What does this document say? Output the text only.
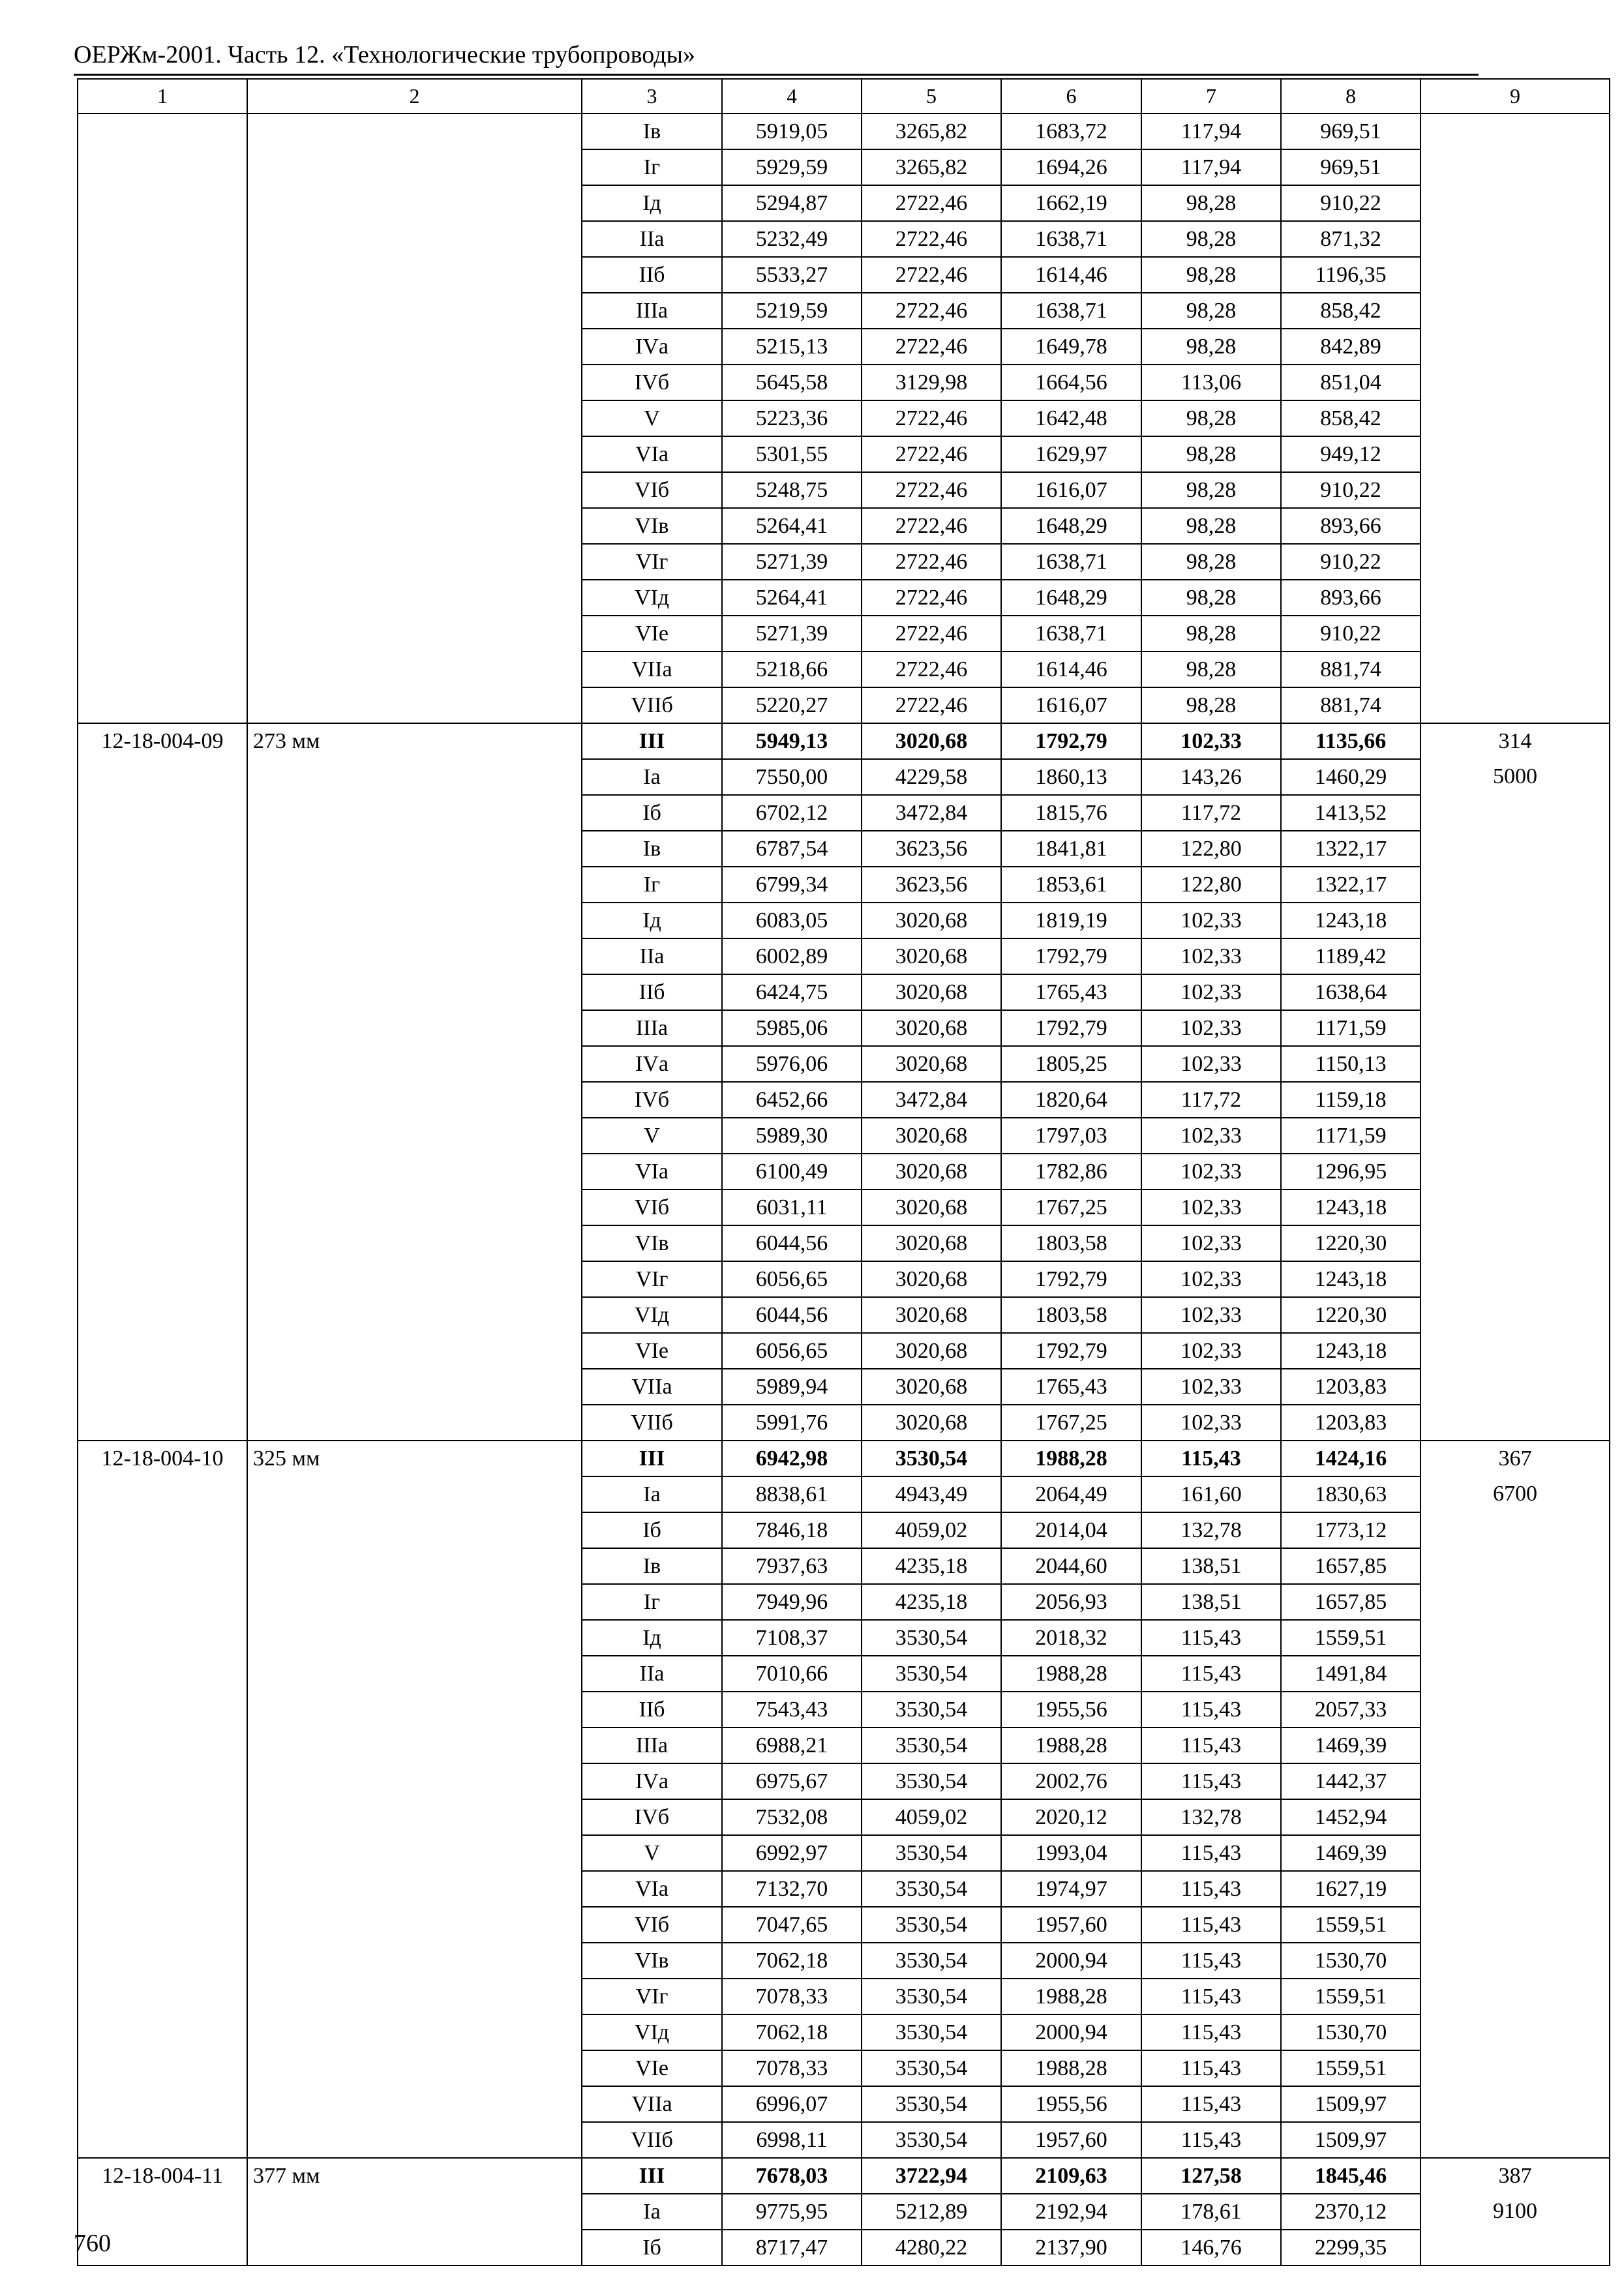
ОЕРЖм-2001. Часть 12. «Технологические трубопроводы»
1	2	3	4	5	6	7	8	9
		Iв	5919,05	3265,82	1683,72	117,94	969,51	
		Iг	5929,59	3265,82	1694,26	117,94	969,51	
		Iд	5294,87	2722,46	1662,19	98,28	910,22	
		IIа	5232,49	2722,46	1638,71	98,28	871,32	
		IIб	5533,27	2722,46	1614,46	98,28	1196,35	
		IIIа	5219,59	2722,46	1638,71	98,28	858,42	
		IVа	5215,13	2722,46	1649,78	98,28	842,89	
		IVб	5645,58	3129,98	1664,56	113,06	851,04	
		V	5223,36	2722,46	1642,48	98,28	858,42	
		VIа	5301,55	2722,46	1629,97	98,28	949,12	
		VIб	5248,75	2722,46	1616,07	98,28	910,22	
		VIв	5264,41	2722,46	1648,29	98,28	893,66	
		VIг	5271,39	2722,46	1638,71	98,28	910,22	
		VIд	5264,41	2722,46	1648,29	98,28	893,66	
		VIе	5271,39	2722,46	1638,71	98,28	910,22	
		VIIа	5218,66	2722,46	1614,46	98,28	881,74	
		VIIб	5220,27	2722,46	1616,07	98,28	881,74	
12-18-004-09	273 мм	III	5949,13	3020,68	1792,79	102,33	1135,66	314
		Iа	7550,00	4229,58	1860,13	143,26	1460,29	5000
		Iб	6702,12	3472,84	1815,76	117,72	1413,52	
		Iв	6787,54	3623,56	1841,81	122,80	1322,17	
		Iг	6799,34	3623,56	1853,61	122,80	1322,17	
		Iд	6083,05	3020,68	1819,19	102,33	1243,18	
		IIа	6002,89	3020,68	1792,79	102,33	1189,42	
		IIб	6424,75	3020,68	1765,43	102,33	1638,64	
		IIIа	5985,06	3020,68	1792,79	102,33	1171,59	
		IVа	5976,06	3020,68	1805,25	102,33	1150,13	
		IVб	6452,66	3472,84	1820,64	117,72	1159,18	
		V	5989,30	3020,68	1797,03	102,33	1171,59	
		VIа	6100,49	3020,68	1782,86	102,33	1296,95	
		VIб	6031,11	3020,68	1767,25	102,33	1243,18	
		VIв	6044,56	3020,68	1803,58	102,33	1220,30	
		VIг	6056,65	3020,68	1792,79	102,33	1243,18	
		VIд	6044,56	3020,68	1803,58	102,33	1220,30	
		VIе	6056,65	3020,68	1792,79	102,33	1243,18	
		VIIа	5989,94	3020,68	1765,43	102,33	1203,83	
		VIIб	5991,76	3020,68	1767,25	102,33	1203,83	
12-18-004-10	325 мм	III	6942,98	3530,54	1988,28	115,43	1424,16	367
		Iа	8838,61	4943,49	2064,49	161,60	1830,63	6700
		Iб	7846,18	4059,02	2014,04	132,78	1773,12	
		Iв	7937,63	4235,18	2044,60	138,51	1657,85	
		Iг	7949,96	4235,18	2056,93	138,51	1657,85	
		Iд	7108,37	3530,54	2018,32	115,43	1559,51	
		IIа	7010,66	3530,54	1988,28	115,43	1491,84	
		IIб	7543,43	3530,54	1955,56	115,43	2057,33	
		IIIа	6988,21	3530,54	1988,28	115,43	1469,39	
		IVа	6975,67	3530,54	2002,76	115,43	1442,37	
		IVб	7532,08	4059,02	2020,12	132,78	1452,94	
		V	6992,97	3530,54	1993,04	115,43	1469,39	
		VIа	7132,70	3530,54	1974,97	115,43	1627,19	
		VIб	7047,65	3530,54	1957,60	115,43	1559,51	
		VIв	7062,18	3530,54	2000,94	115,43	1530,70	
		VIг	7078,33	3530,54	1988,28	115,43	1559,51	
		VIд	7062,18	3530,54	2000,94	115,43	1530,70	
		VIе	7078,33	3530,54	1988,28	115,43	1559,51	
		VIIа	6996,07	3530,54	1955,56	115,43	1509,97	
		VIIб	6998,11	3530,54	1957,60	115,43	1509,97	
12-18-004-11	377 мм	III	7678,03	3722,94	2109,63	127,58	1845,46	387
		Iа	9775,95	5212,89	2192,94	178,61	2370,12	9100
		Iб	8717,47	4280,22	2137,90	146,76	2299,35	
760
